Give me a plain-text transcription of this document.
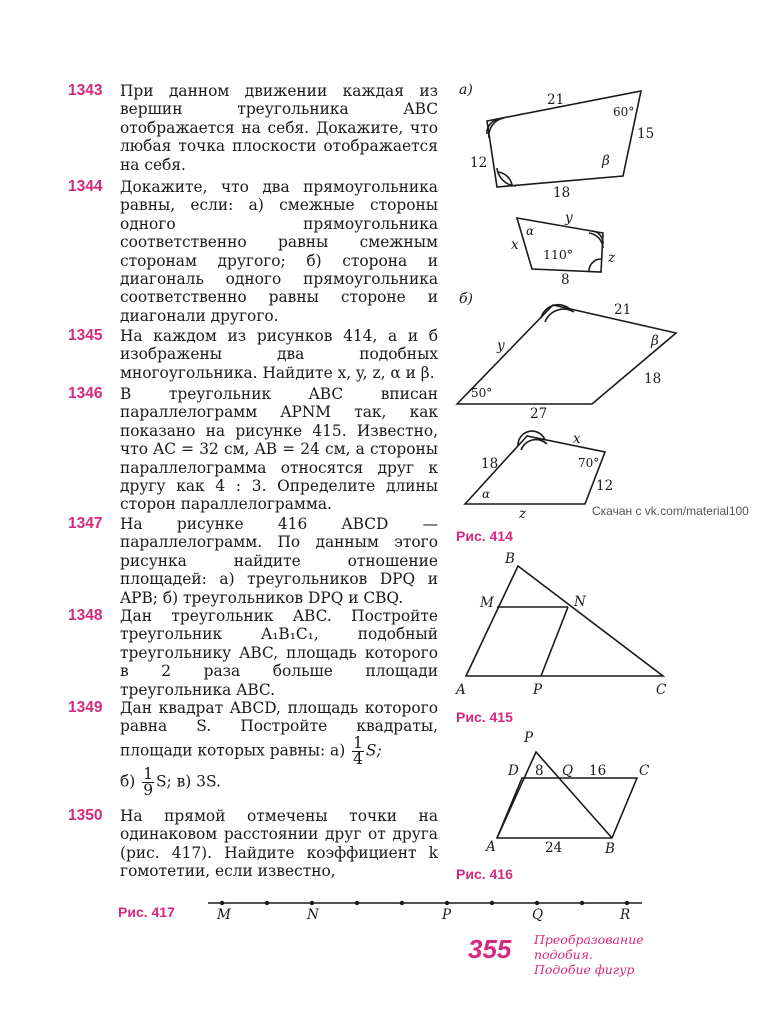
1343 При данном движении каждая из вершин треугольника ABC отображается на себя. Докажите, что любая точка плоскости отображается на себя.
1344 Докажите, что два прямоугольника равны, если: а) смежные стороны одного прямоугольника соответственно равны смежным сторонам другого; б) сторона и диагональ одного прямоугольника соответственно равны стороне и диагонали другого.
1345 На каждом из рисунков 414, а и б изображены два подобных многоугольника. Найдите x, y, z, α и β.
1346 В треугольник ABC вписан параллелограмм APNM так, как показано на рисунке 415. Известно, что AC = 32 см, AB = 24 см, а стороны параллелограмма относятся друг к другу как 4 : 3. Определите длины сторон параллелограмма.
1347 На рисунке 416 ABCD — параллелограмм. По данным этого рисунка найдите отношение площадей: а) треугольников DPQ и APB; б) треугольников DPQ и CBQ.
1348 Дан треугольник ABC. Постройте треугольник A₁B₁C₁, подобный треугольнику ABC, площадь которого в 2 раза больше площади треугольника ABC.
1349 Дан квадрат ABCD, площадь которого равна S. Постройте квадраты, площади которых равны: $а) \frac{1}{4} S$;
$б) \frac{1}{9} S$; в) 3S.
1350 На прямой отмечены точки на одинаковом расстоянии друг от друга (рис. 417). Найдите коэффициент k гомотетии, если известно,
а)
б)
21
15
12
18
60°
β
y
x
8
z
α
110°
21
y
18
27
50°
β
x
18
12
z
70°
α
B
M	N
A	P	C
P
D	Q	C
A	B
M	N	P	Q	R
8	16
24
Рис. 414
Рис. 415
Рис. 416
Рис. 417
Скачан с vk.com/material100
355 Преобразование
подобия.
Подобие фигур
